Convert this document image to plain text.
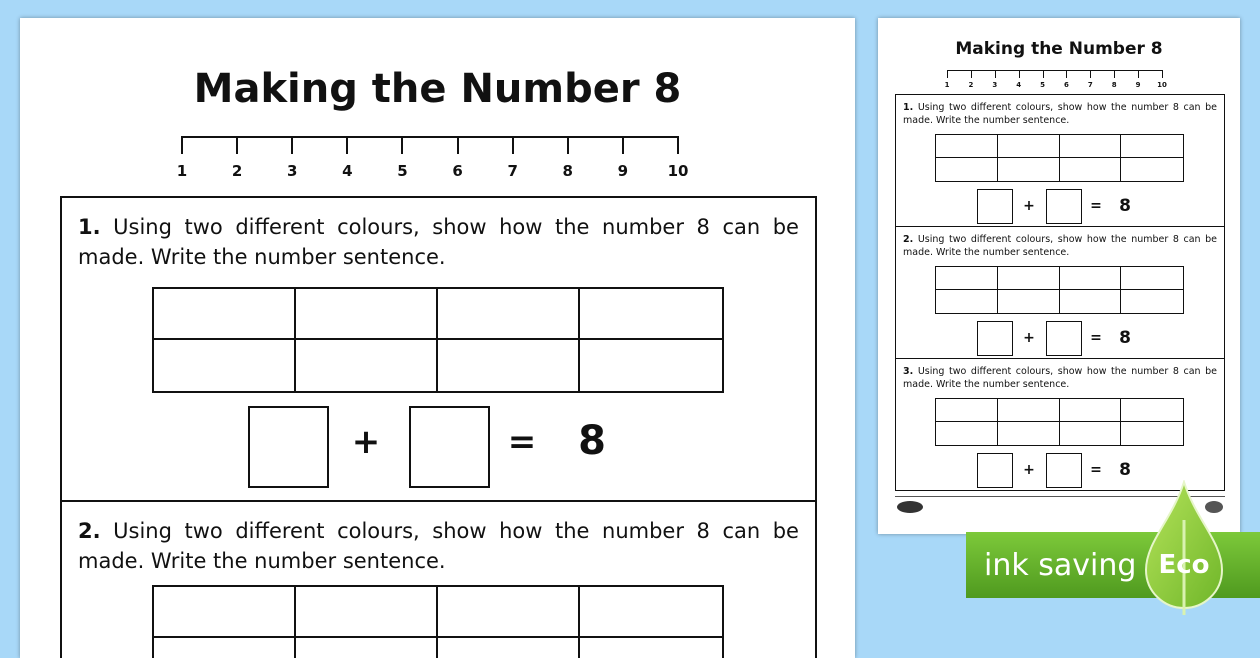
Making the Number 8
1	2	3	4	5	6	7	8	9	10

1. Using two different colours, show how the number 8 can be made. Write the number sentence.

+	=	8

2. Using two different colours, show how the number 8 can be made. Write the number sentence.

Making the Number 8
1	2	3	4	5	6	7	8	9 10

1. Using two different colours, show how the number 8 can be made. Write the number sentence.

+	=	8

2. Using two different colours, show how the number 8 can be made. Write the number sentence.

+	=	8

3. Using two different colours, show how the number 8 can be made. Write the number sentence.

+	=	8
ink saving Eco
